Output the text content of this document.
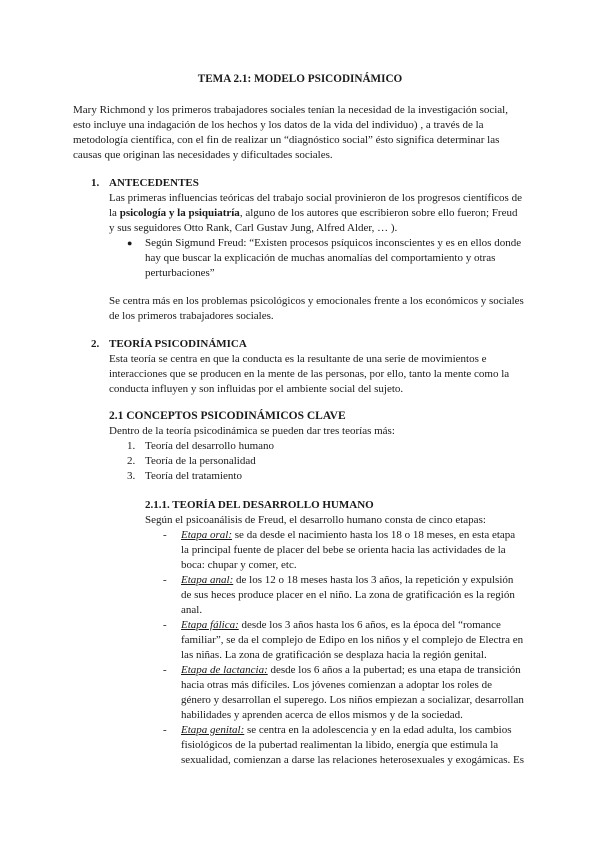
TEMA 2.1: MODELO PSICODINÁMICO
Mary Richmond y los primeros trabajadores sociales tenían la necesidad de la investigación social,
esto incluye una indagación de los hechos y los datos de la vida del individuo) , a través de la
metodología científica, con el fin de realizar un “diagnóstico social” ésto significa determinar las
causas que originan las necesidades y dificultades sociales.
1. ANTECEDENTES
Las primeras influencias teóricas del trabajo social provinieron de los progresos científicos de
la psicología y la psiquiatría, alguno de los autores que escribieron sobre ello fueron; Freud
y sus seguidores Otto Rank, Carl Gustav Jung, Alfred Alder, … ).
● Según Sigmund Freud: “Existen procesos psíquicos inconscientes y es en ellos donde
hay que buscar la explicación de muchas anomalías del comportamiento y otras
perturbaciones”
Se centra más en los problemas psicológicos y emocionales frente a los económicos y sociales
de los primeros trabajadores sociales.
2. TEORÍA PSICODINÁMICA
Esta teoría se centra en que la conducta es la resultante de una serie de movimientos e
interacciones que se producen en la mente de las personas, por ello, tanto la mente como la
conducta influyen y son influidas por el ambiente social del sujeto.
2.1 CONCEPTOS PSICODINÁMICOS CLAVE
Dentro de la teoría psicodinámica se pueden dar tres teorías más:
1. Teoría del desarrollo humano
2. Teoría de la personalidad
3. Teoría del tratamiento
2.1.1. TEORÍA DEL DESARROLLO HUMANO
Según el psicoanálisis de Freud, el desarrollo humano consta de cinco etapas:
- Etapa oral: se da desde el nacimiento hasta los 18 o 18 meses, en esta etapa
la principal fuente de placer del bebe se orienta hacia las actividades de la
boca: chupar y comer, etc.
- Etapa anal: de los 12 o 18 meses hasta los 3 años, la repetición y expulsión
de sus heces produce placer en el niño. La zona de gratificación es la región
anal.
- Etapa fálica: desde los 3 años hasta los 6 años, es la época del “romance
familiar”, se da el complejo de Edipo en los niños y el complejo de Electra en
las niñas. La zona de gratificación se desplaza hacia la región genital.
- Etapa de lactancia: desde los 6 años a la pubertad; es una etapa de transición
hacia otras más difíciles. Los jóvenes comienzan a adoptar los roles de
género y desarrollan el superego. Los niños empiezan a socializar, desarrollan
habilidades y aprenden acerca de ellos mismos y de la sociedad.
- Etapa genital: se centra en la adolescencia y en la edad adulta, los cambios
fisiológicos de la pubertad realimentan la libido, energía que estimula la
sexualidad, comienzan a darse las relaciones heterosexuales y exogámicas. Es
